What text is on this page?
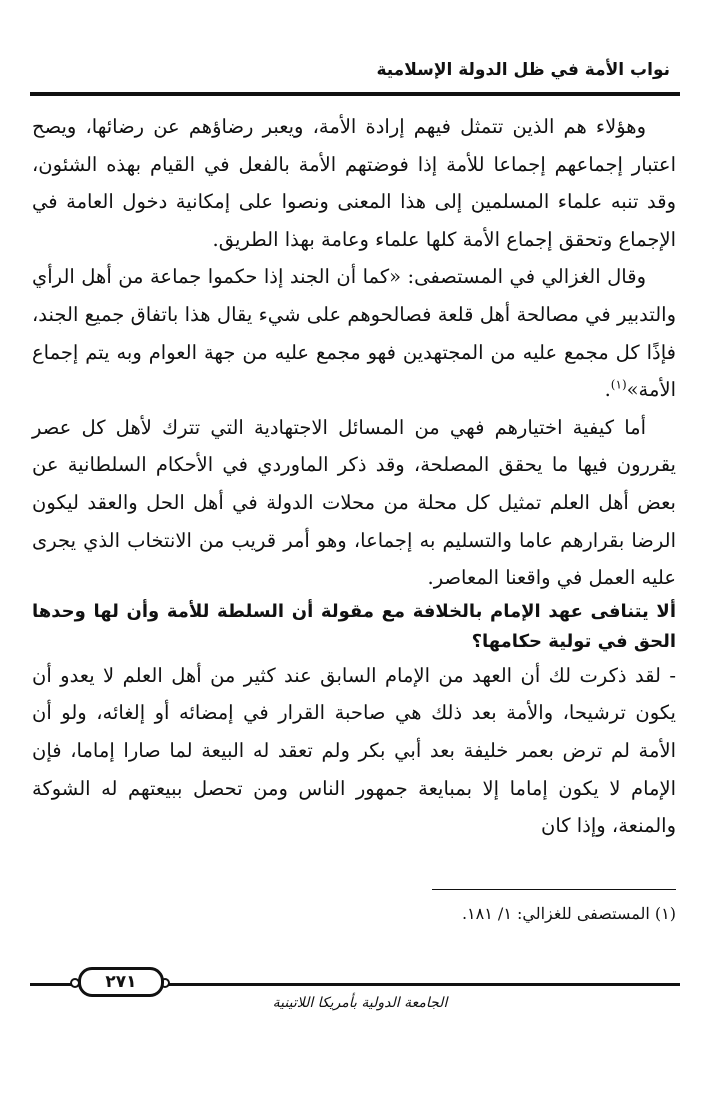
نواب الأمة في ظل الدولة الإسلامية

وهؤلاء هم الذين تتمثل فيهم إرادة الأمة، ويعبر رضاؤهم عن رضائها، ويصح اعتبار إجماعهم إجماعا للأمة إذا فوضتهم الأمة بالفعل في القيام بهذه الشئون، وقد تنبه علماء المسلمين إلى هذا المعنى ونصوا على إمكانية دخول العامة في الإجماع وتحقق إجماع الأمة كلها علماء وعامة بهذا الطريق.

وقال الغزالي في المستصفى: «كما أن الجند إذا حكموا جماعة من أهل الرأي والتدبير في مصالحة أهل قلعة فصالحوهم على شيء يقال هذا باتفاق جميع الجند، فإذًا كل مجمع عليه من المجتهدين فهو مجمع عليه من جهة العوام وبه يتم إجماع الأمة»$^{(١)}$.

أما كيفية اختيارهم فهي من المسائل الاجتهادية التي تترك لأهل كل عصر يقررون فيها ما يحقق المصلحة، وقد ذكر الماوردي في الأحكام السلطانية عن بعض أهل العلم تمثيل كل محلة من محلات الدولة في أهل الحل والعقد ليكون الرضا بقرارهم عاما والتسليم به إجماعا، وهو أمر قريب من الانتخاب الذي يجرى عليه العمل في واقعنا المعاصر.

ألا يتنافى عهد الإمام بالخلافة مع مقولة أن السلطة للأمة وأن لها وحدها الحق في تولية حكامها؟

- لقد ذكرت لك أن العهد من الإمام السابق عند كثير من أهل العلم لا يعدو أن يكون ترشيحا، والأمة بعد ذلك هي صاحبة القرار في إمضائه أو إلغائه، ولو أن الأمة لم ترض بعمر خليفة بعد أبي بكر ولم تعقد له البيعة لما صارا إماما، فإن الإمام لا يكون إماما إلا بمبايعة جمهور الناس ومن تحصل ببيعتهم له الشوكة والمنعة، وإذا كان

(١) المستصفى للغزالي: ١/ ١٨١.
٢٧١
الجامعة الدولية بأمريكا اللاتينية
